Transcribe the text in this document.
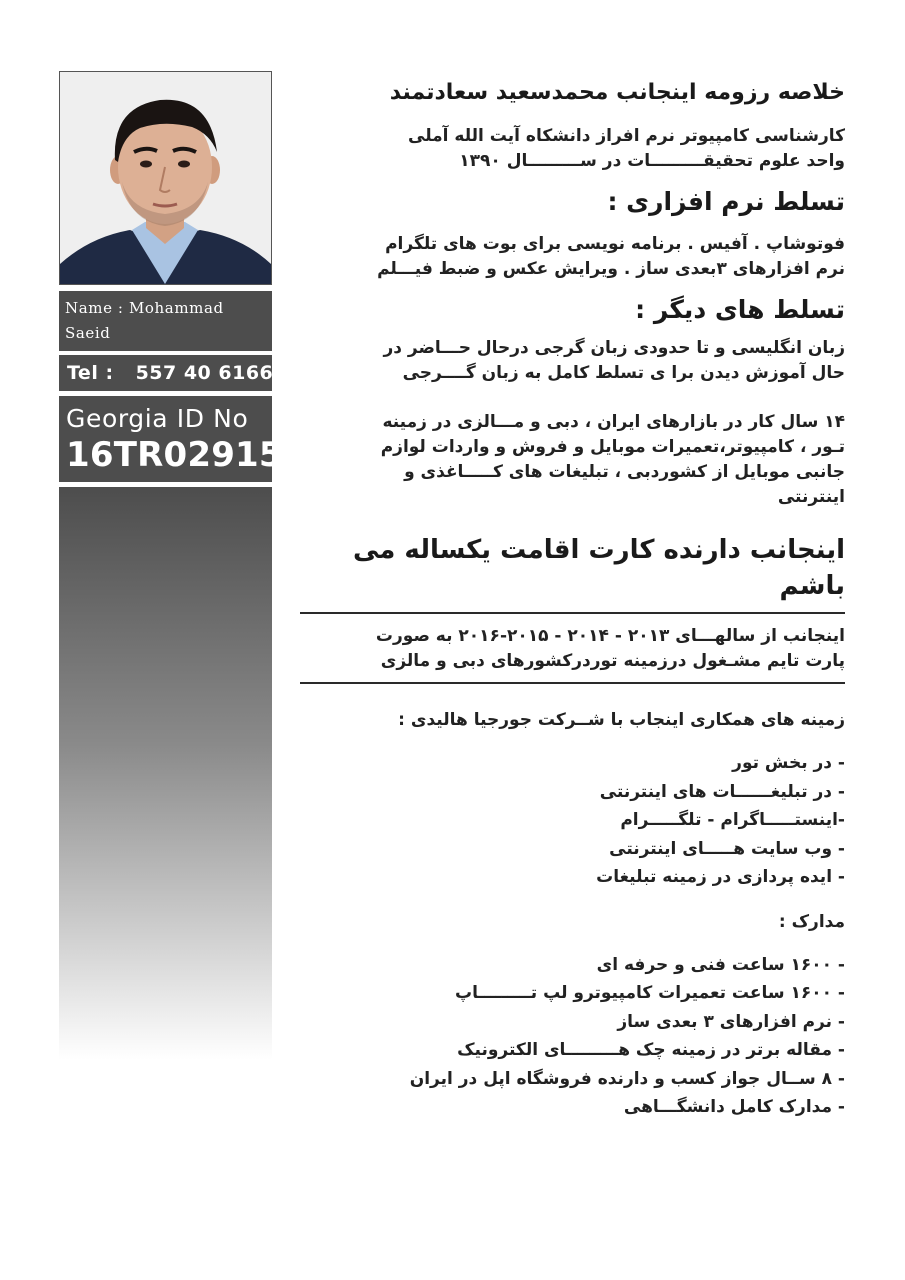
Name : Mohammad Saeid
Tel : 557 40 6166
Georgia ID No
16TR02915
خلاصه رزومه اینجانب محمدسعید سعادتمند

کارشناسی کامپیوتر نرم افراز دانشکاه آیت الله آملی

واحد علوم تحقیقـــــــــات در ســـــــــال ۱۳۹۰

تسلط نرم افزاری :

فوتوشاپ . آفیس . برنامه نویسی برای بوت های تلگرام

نرم افزارهای ۳بعدی ساز . ویرایش عکس و ضبط فیـــلم

تسلط های دیگر :

زبان انگلیسی و تا حدودی زبان گرجی درحال حـــاضر در

حال آموزش دیدن برا ی تسلط کامل به زبان گــــرجی

۱۴ سال کار در بازارهای ایران ، دبی و مـــالزی در زمینه

تـور ، کامپیوتر،تعمیرات موبایل و فروش و واردات لوازم

جانبی موبایل از کشوردبی ، تبلیغات های کـــــاغذی و

اینترنتی

اینجانب دارنده کارت اقامت یکساله می باشم

اینجانب از سالهـــای ۲۰۱۳ - ۲۰۱۴ - ۲۰۱۵-۲۰۱۶ به صورت

پارت تایم مشـغول درزمینه توردرکشورهای دبی و مالزی

زمینه های همکاری اینجاب با شــرکت جورجیا هالیدی :

- در بخش تور
- در تبلیغــــــات های اینترنتی
-اینستـــــاگرام - تلگـــــرام
- وب سایت هـــــای اینترنتی
- ایده پردازی در زمینه تبلیغات

مدارک :

- ۱۶۰۰ ساعت فنی و حرفه ای
- ۱۶۰۰ ساعت تعمیرات کامپیوترو لپ تـــــــــاپ
- نرم افزارهای ۳ بعدی ساز
- مقاله برتر در زمینه چک هـــــــــای الکترونیک
- ۸ ســال جواز کسب و دارنده فروشگاه اپل در ایران
- مدارک کامل دانشگـــاهی
